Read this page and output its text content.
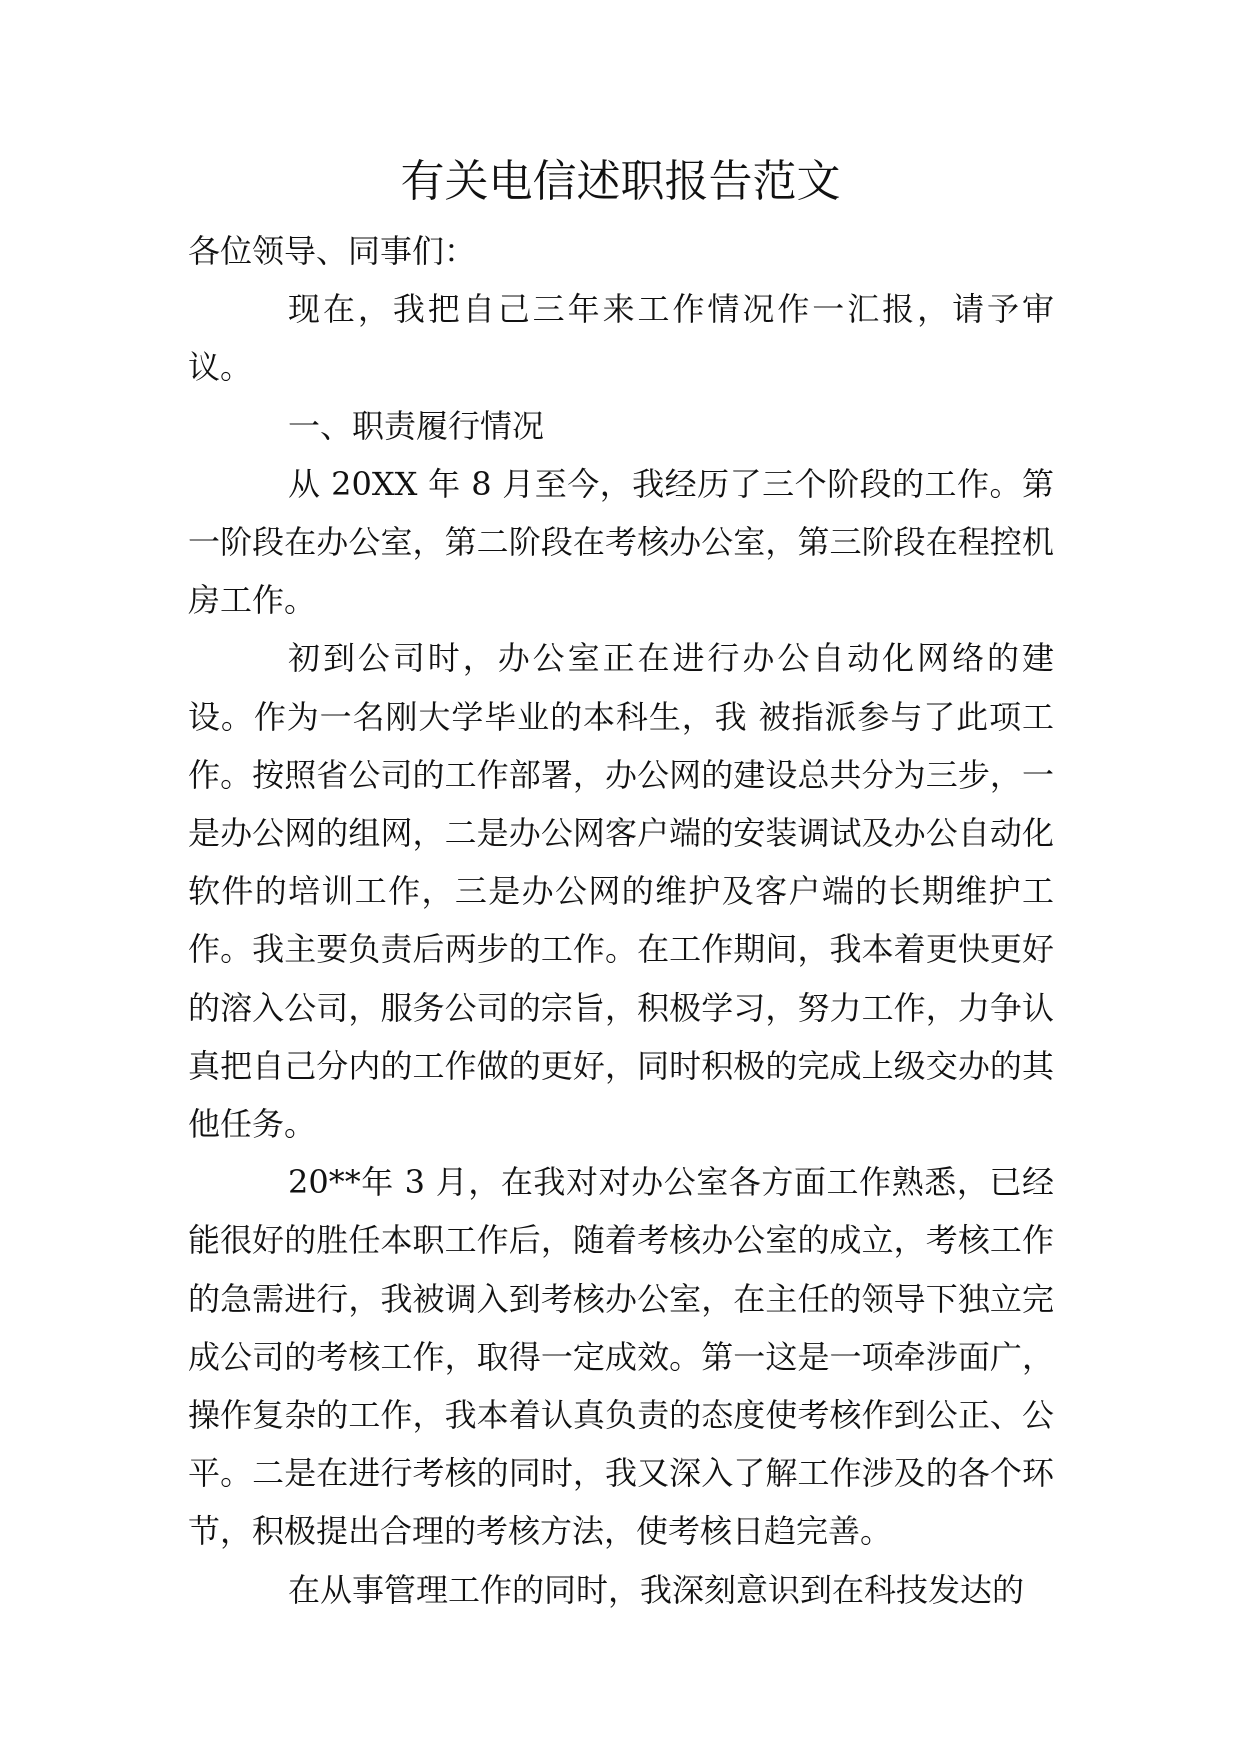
有关电信述职报告范文

各位领导、同事们：

现在，我把自己三年来工作情况作一汇报，请予审议。

一、职责履行情况

从 20XX 年 8 月至今，我经历了三个阶段的工作。第一阶段在办公室，第二阶段在考核办公室，第三阶段在程控机房工作。

初到公司时，办公室正在进行办公自动化网络的建设。作为一名刚大学毕业的本科生，我 被指派参与了此项工作。按照省公司的工作部署，办公网的建设总共分为三步，一是办公网的组网，二是办公网客户端的安装调试及办公自动化软件的培训工作，三是办公网的维护及客户端的长期维护工作。我主要负责后两步的工作。在工作期间，我本着更快更好的溶入公司，服务公司的宗旨，积极学习，努力工作，力争认真把自己分内的工作做的更好，同时积极的完成上级交办的其他任务。

20**年 3 月，在我对对办公室各方面工作熟悉，已经能很好的胜任本职工作后，随着考核办公室的成立，考核工作的急需进行，我被调入到考核办公室，在主任的领导下独立完成公司的考核工作，取得一定成效。第一这是一项牵涉面广，操作复杂的工作，我本着认真负责的态度使考核作到公正、公平。二是在进行考核的同时，我又深入了解工作涉及的各个环节，积极提出合理的考核方法，使考核日趋完善。

在从事管理工作的同时，我深刻意识到在科技发达的
